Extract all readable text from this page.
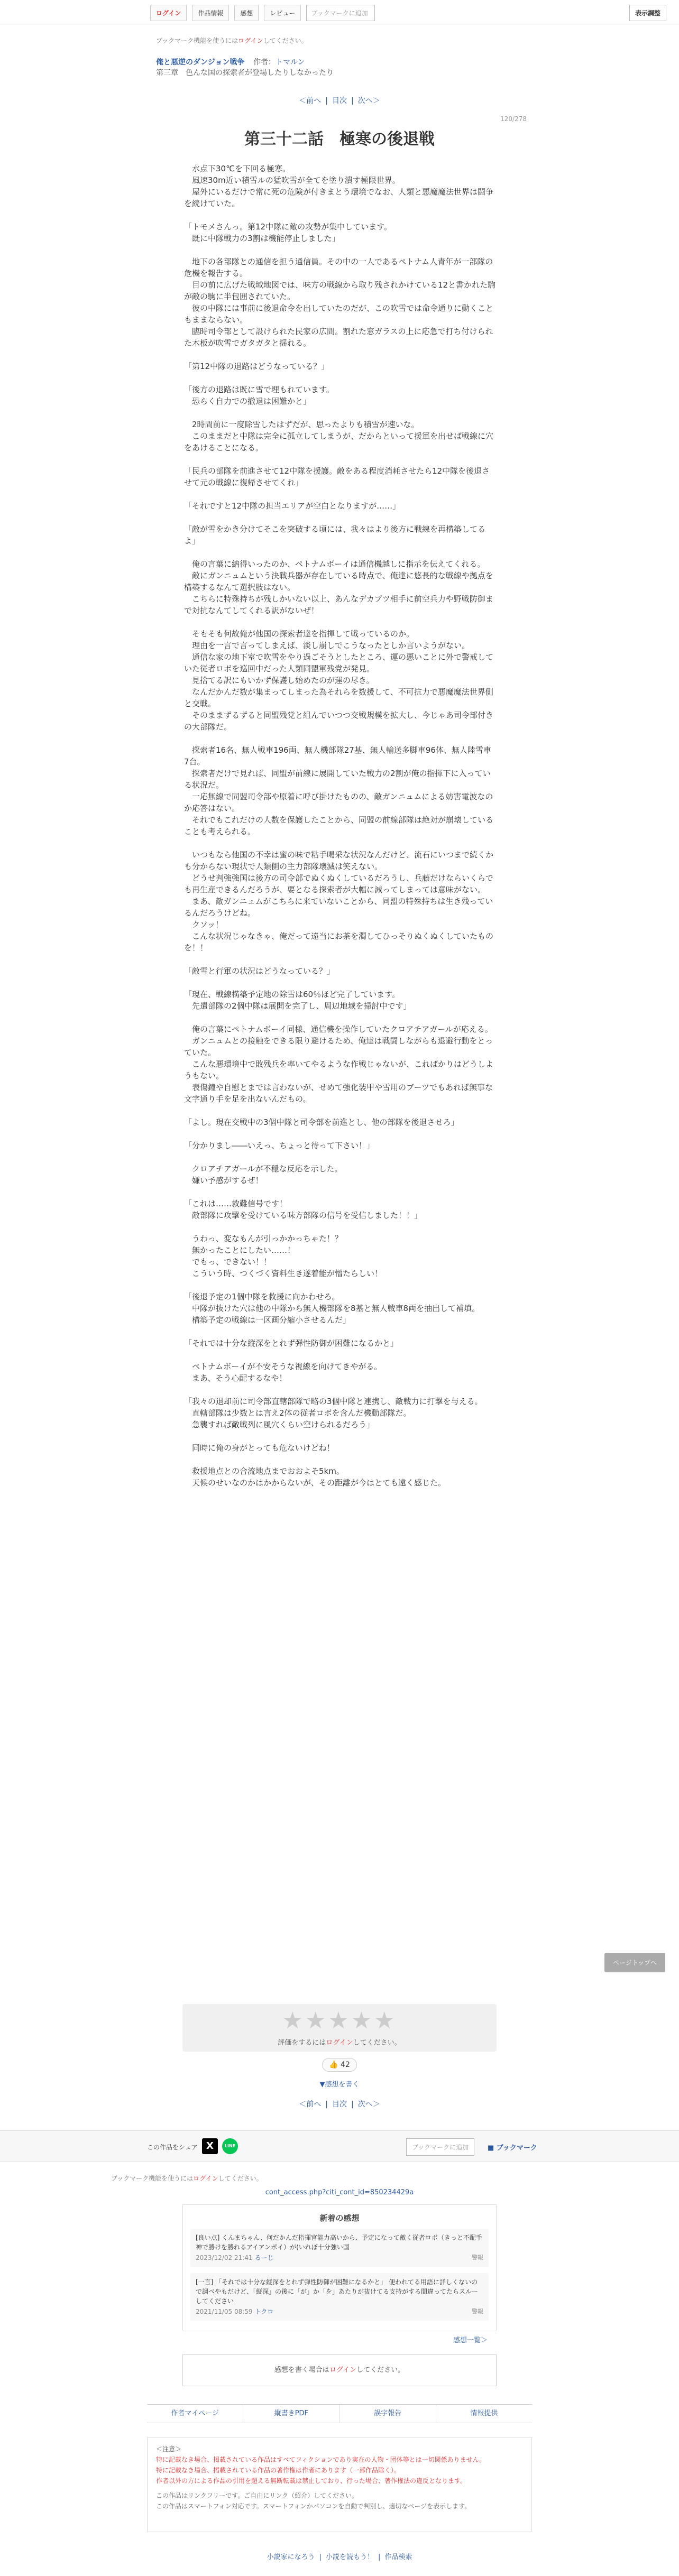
ログイン	作品情報	感想	レビュー	ブックマークに追加	表示調整
ブックマーク機能を使うにはログインしてください。
俺と悪逆のダンジョン戦争 作者：トマルン
第三章　色んな国の探索者が登場したりしなかったり
＜前へ | 目次 | 次へ＞
120/278
第三十二話　極寒の後退戦

　水点下30℃を下回る極寒。
　風速30m近い積雪ルの猛吹雪が全てを塗り潰す極限世界。
　屋外にいるだけで常に死の危険が付きまとう環境でなお、人類と悪魔魔法世界は闘争を続けていた。

「トモメさんっ。第12中隊に敵の攻勢が集中しています。
　既に中隊戦力の3割は機能停止しました」

　地下の各部隊との通信を担う通信員。その中の一人であるペトナム人青年が一部隊の危機を報告する。
　目の前に広げた戦域地図では、味方の戦線から取り残されかけている12と書かれた駒が敵の駒に半包囲されていた。
　彼の中隊には事前に後退命令を出していたのだが、この吹雪では命令通りに動くこともままならない。
　臨時司令部として設けられた民家の広間。割れた窓ガラスの上に応急で打ち付けられた木板が吹雪でガタガタと揺れる。

「第12中隊の退路はどうなっている？」

「後方の退路は既に雪で埋もれています。
　恐らく自力での撤退は困難かと」

　2時間前に一度除雪したはずだが、思ったよりも積雪が速いな。
　このままだと中隊は完全に孤立してしまうが、だからといって援軍を出せば戦線に穴をあけることになる。

「民兵の部隊を前進させて12中隊を援護。敵をある程度消耗させたら12中隊を後退させて元の戦線に復帰させてくれ」

「それですと12中隊の担当エリアが空白となりますが……」

「敵が雪をかき分けてそこを突破する頃には、我々はより後方に戦線を再構築してるよ」

　俺の言葉に納得いったのか、ペトナムボーイは通信機越しに指示を伝えてくれる。
　敵にガンニュムという決戦兵器が存在している時点で、俺達に悠長的な戦線や拠点を構築するなんて選択肢はない。
　こちらに特殊持ちが残しかいない以上、あんなデカブツ相手に前空兵力や野戦防御まで対抗なんてしてくれる訳がないぜ！

　そもそも何故俺が他国の探索者達を指揮して戦っているのか。
　理由を一言で言ってしまえば、淡し崩しでこうなったとしか言いようがない。
　通信な家の地下室で吹雪をやり過ごそうとしたところ、運の悪いことに外で警戒していた従者ロボを巡回中だった人類同盟軍残党が発見。
　見捨てる訳にもいかず保護し始めたのが運の尽き。
　なんだかんだ数が集まってしまった為それらを数援して、不可抗力で悪魔魔法世界側と交戦。
　そのままずるずると同盟残党と組んでいつつ交戦規模を拡大し、今じゃあ司令部付きの大部隊だ。

　探索者16名、無人戦車196両、無人機部隊27基、無人輸送多脚車96体、無人陸雪車7台。
　探索者だけで見れば、同盟が前線に展開していた戦力の2割が俺の指揮下に入っている状況だ。
　一応無線で同盟司令部や原着に呼び掛けたものの、敵ガンニュムによる妨害電波なのか応答はない。
　それでもこれだけの人数を保護したことから、同盟の前線部隊は絶対が崩壊していることも考えられる。

　いつもなら他国の不幸は蜜の味で粘手喝采な状況なんだけど、流石にいつまで続くかも分からない現状で人類側の主力部隊壊滅は笑えない。
　どうせ判強強国は後方の司令部でぬくぬくしているだろうし、兵藤だけならいくらでも再生産できるんだろうが、要となる探索者が大幅に減ってしまっては意味がない。
　まあ、敵ガンニュムがこちらに来ていないことから、同盟の特殊持ちは生き残っているんだろうけどね。
　クソッ！
　こんな状況じゃなきゃ、俺だって遠当にお茶を濁してひっそりぬくぬくしていたものを！！

「敵雪と行軍の状況はどうなっている？」

「現在、戦線構築予定地の除雪は60％ほど完了しています。
　先遣部隊の2個中隊は展開を完了し、周辺地域を掃討中です」

　俺の言葉にペトナムボーイ同様、通信機を操作していたクロアチアガールが応える。
　ガンニュムとの接触をできる限り避けるため、俺達は戦闘しながらも退避行動をとっていた。
　こんな悪環境中で敗残兵を率いてやるような作戦じゃないが、こればかりはどうしようもない。
　表傷鐘や自慰とまでは言わないが、せめて強化装甲や雪用のブーツでもあれば無事な文字通り手を足を出ないんだもの。

「よし。現在交戦中の3個中隊と司令部を前進とし、他の部隊を後退させろ」

「分かりまし――いえっ、ちょっと待って下さい！」

　クロアチアガールが不穏な反応を示した。
　嫌い予感がするぜ！

「これは……救難信号です！
　敵部隊に攻撃を受けている味方部隊の信号を受信しました！！」

　うわっ、変なもんが引っかかっちゃた！？
　無かったことにしたい……！
　でもっ、できない！！
　こういう時、つくづく資料生き遂着能が憎たらしい！

「後退予定の1個中隊を救援に向かわせろ。
　中隊が抜けた穴は他の中隊から無人機部隊を8基と無人戦車8両を抽出して補填。
　構築予定の戦線は一区画分縮小させるんだ」

「それでは十分な縦深をとれず弾性防御が困難になるかと」

　ペトナムボーイが不安そうな視線を向けてきやがる。
　まあ、そう心配するなや！

「我々の退却前に司令部直轄部隊で略の3個中隊と連携し、敵戦力に打撃を与える。
　直轄部隊は少数とは言え2体の従者ロボを含んだ機動部隊だ。
　急襲すれば敵戦列に風穴くらい空けられるだろう」

　同時に俺の身がとっても危ないけどね！

　救援地点との合流地点までおおよそ5km。
　天候のせいなのかはかからないが、その距離が今はとても遠く感じた。

ページトップへ
★★★★★
評価をするにはログインしてください。
👍 42
▼感想を書く
＜前へ | 目次 | 次へ＞
この作品をシェア X	LINE	ブックマークに追加	■ ブックマーク
ブックマーク機能を使うにはログインしてください。
cont_access.php?citi_cont_id=850234429a
新着の感想
[良い点] くんまちゃん、何だかんだ指揮官能力高いから、予定になって敵く従者ロボ（きっと不配手神で勝けを勝れるアイアンポイ）が(いれぼ十分強い国
2023/12/02 21:41 るーじ	警報
[一言] 「それでは十分な縦深をとれず弾性防御が困難になるかと」 便われてる用語に詳しくないので調べやもだけど、「縦深」の後に「が」か「を」あたりが抜けてる支持がする間違ってたらスルーしてください
2021/11/05 08:59 トクロ	警報
感想一覧＞
感想を書く場合はログインしてください。
作者マイページ	縦書きPDF	誤字報告	情報提供
＜注意＞
特に記載なき場合、掲載されている作品はすべてフィクションであり実在の人物・団体等とは一切関係ありません。
特に記載なき場合、掲載されている作品の著作権は作者にあります（一部作品除く）。
作者以外の方による作品の引用を超える無断転載は禁止しており、行った場合、著作権法の違反となります。
この作品はリンクフリーです。ご自由にリンク（紹介）してください。
この作品はスマートフォン対応です。スマートフォンかパソコンを自動で判別し、適切なページを表示します。
小説家になろう | 小説を読もう！ | 作品検索
